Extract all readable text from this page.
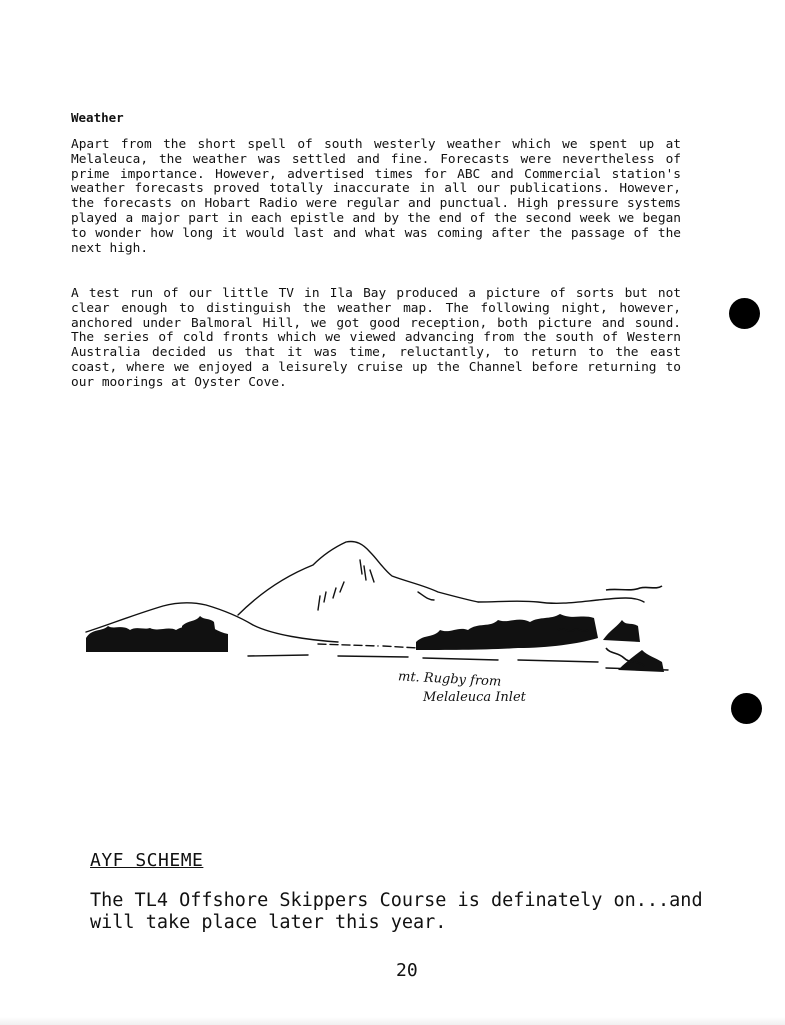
Weather

Apart from the short spell of south westerly weather which we spent up at Melaleuca, the weather was settled and fine. Forecasts were nevertheless of prime importance. However, advertised times for ABC and Commercial station's weather forecasts proved totally inaccurate in all our publications. However, the forecasts on Hobart Radio were regular and punctual. High pressure systems played a major part in each epistle and by the end of the second week we began to wonder how long it would last and what was coming after the passage of the next high.

A test run of our little TV in Ila Bay produced a picture of sorts but not clear enough to distinguish the weather map. The following night, however, anchored under Balmoral Hill, we got good reception, both picture and sound. The series of cold fronts which we viewed advancing from the south of Western Australia decided us that it was time, reluctantly, to return to the east coast, where we enjoyed a leisurely cruise up the Channel before returning to our moorings at Oyster Cove.

mt. Rugby from
Melaleuca Inlet
AYF SCHEME

The TL4 Offshore Skippers Course is definately on...and will take place later this year.

20
